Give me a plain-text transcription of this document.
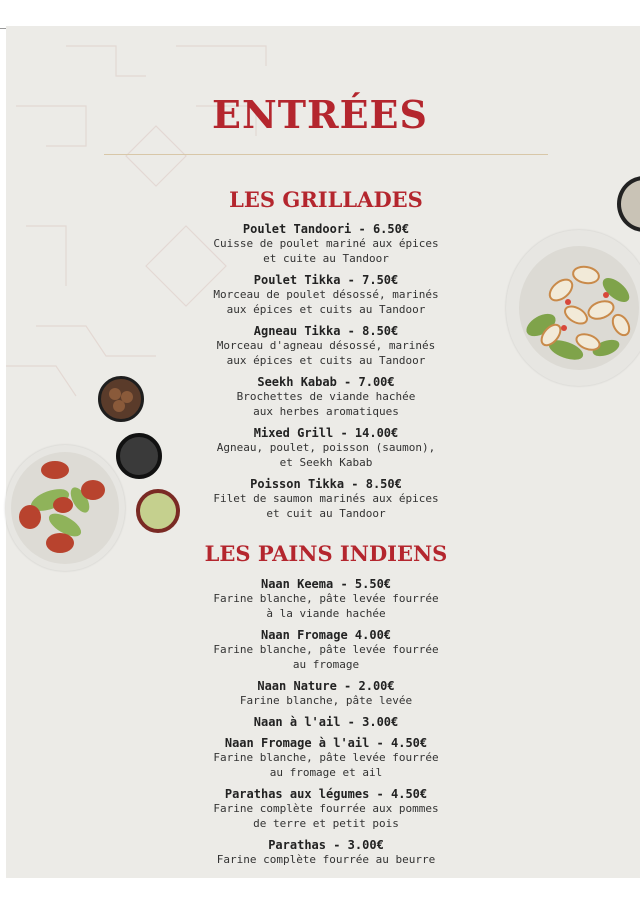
ENTRÉES
LES GRILLADES
Poulet Tandoori - 6.50€
Cuisse de poulet mariné aux épices
et cuite au Tandoor
Poulet Tikka - 7.50€
Morceau de poulet désossé, marinés
aux épices et cuits au Tandoor
Agneau Tikka - 8.50€
Morceau d'agneau désossé, marinés
aux épices et cuits au Tandoor
Seekh Kabab - 7.00€
Brochettes de viande hachée
aux herbes aromatiques
Mixed Grill - 14.00€
Agneau, poulet, poisson (saumon),
et Seekh Kabab
Poisson Tikka - 8.50€
Filet de saumon marinés aux épices
et cuit au Tandoor
LES PAINS INDIENS
Naan Keema - 5.50€
Farine blanche, pâte levée fourrée
à la viande hachée
Naan Fromage 4.00€
Farine blanche, pâte levée fourrée
au fromage
Naan Nature - 2.00€
Farine blanche, pâte levée
Naan à l'ail - 3.00€
Naan Fromage à l'ail - 4.50€
Farine blanche, pâte levée fourrée
au fromage et ail
Parathas aux légumes - 4.50€
Farine complète fourrée aux pommes
de terre et petit pois
Parathas - 3.00€
Farine complète fourrée au beurre
